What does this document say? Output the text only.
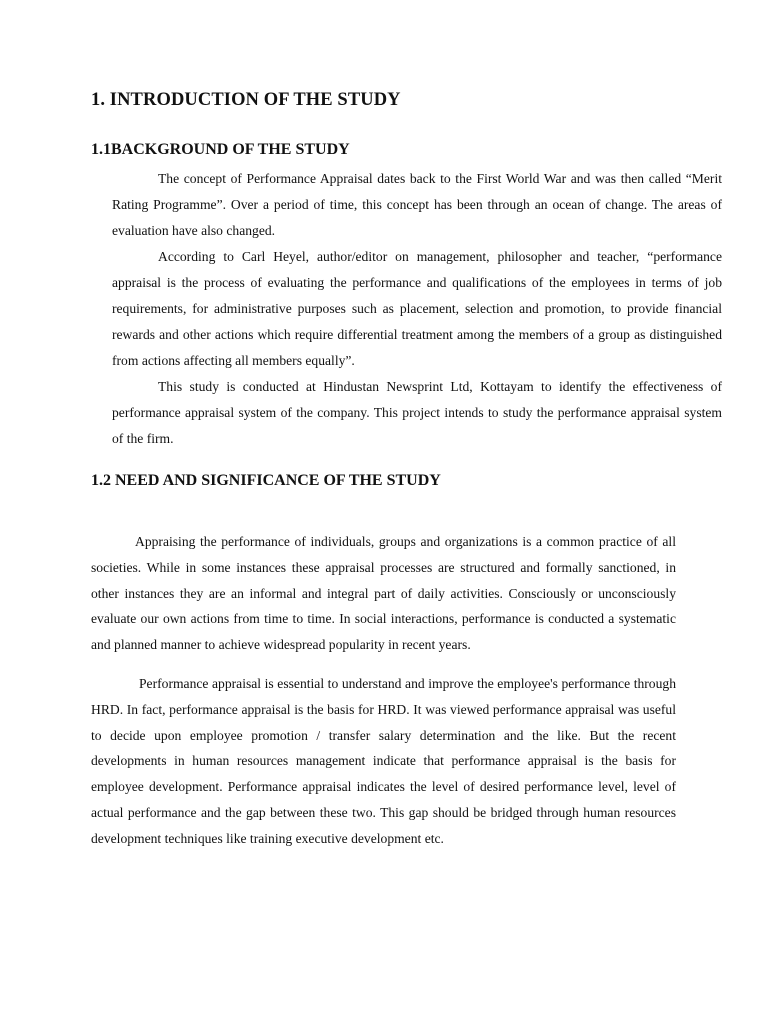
1. INTRODUCTION OF THE STUDY
1.1BACKGROUND OF THE STUDY

The concept of Performance Appraisal dates back to the First World War and was then called “Merit Rating Programme”. Over a period of time, this concept has been through an ocean of change. The areas of evaluation have also changed.

According to Carl Heyel, author/editor on management, philosopher and teacher, “performance appraisal is the process of evaluating the performance and qualifications of the employees in terms of job requirements, for administrative purposes such as placement, selection and promotion, to provide financial rewards and other actions which require differential treatment among the members of a group as distinguished from actions affecting all members equally”.

This study is conducted at Hindustan Newsprint Ltd, Kottayam to identify the effectiveness of performance appraisal system of the company. This project intends to study the performance appraisal system of the firm.

1.2 NEED AND SIGNIFICANCE OF THE STUDY

Appraising the performance of individuals, groups and organizations is a common practice of all societies. While in some instances these appraisal processes are structured and formally sanctioned, in other instances they are an informal and integral part of daily activities. Consciously or unconsciously evaluate our own actions from time to time. In social interactions, performance is conducted a systematic and planned manner to achieve widespread popularity in recent years.

Performance appraisal is essential to understand and improve the employee's performance through HRD. In fact, performance appraisal is the basis for HRD. It was viewed performance appraisal was useful to decide upon employee promotion / transfer salary determination and the like. But the recent developments in human resources management indicate that performance appraisal is the basis for employee development. Performance appraisal indicates the level of desired performance level, level of actual performance and the gap between these two. This gap should be bridged through human resources development techniques like training executive development etc.
